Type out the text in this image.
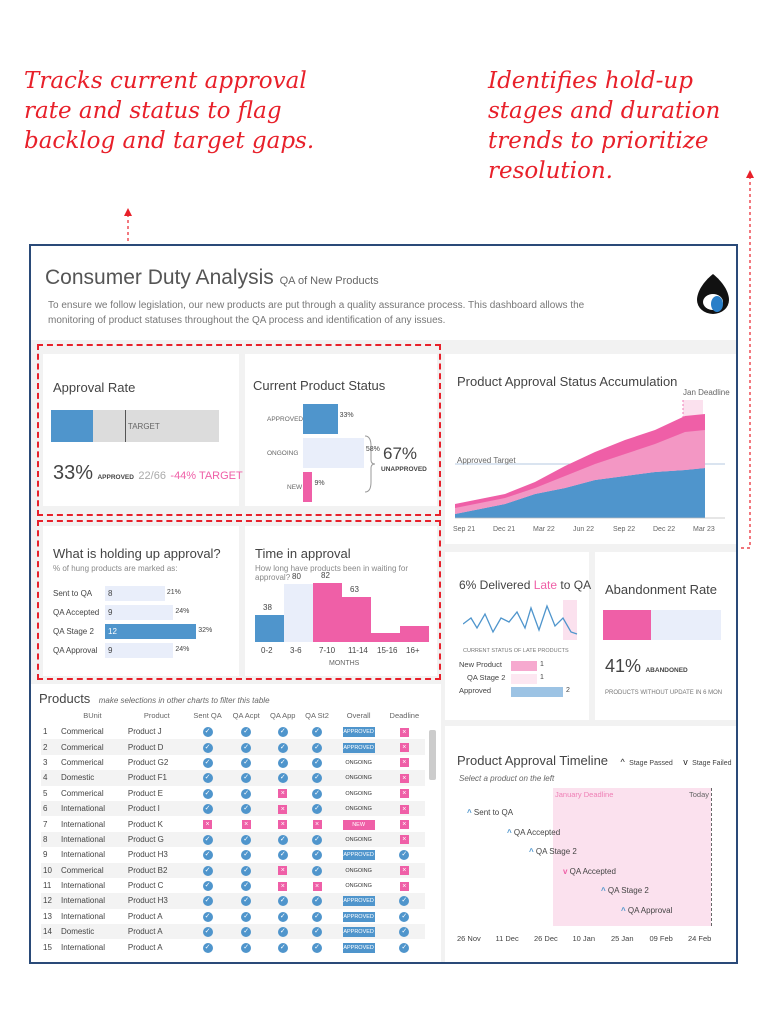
Tracks current approval rate and status to flag backlog and target gaps.
Identifies hold-up stages and duration trends to prioritize resolution.
Consumer Duty Analysis QA of New Products
To ensure we follow legislation, our new products are put through a quality assurance process. This dashboard allows the monitoring of product statuses throughout the QA process and identification of any issues.
Approval Rate
TARGET
33% APPROVED 22/66 -44% TARGET
Current Product Status
67%
UNAPPROVED
APPROVED
33%
ONGOING
58%
NEW
9%
Product Approval Status Accumulation
Jan Deadline
Approved Target
Sep 21	Dec 21	Mar 22	Jun 22	Sep 22	Dec 22	Mar 23
What is holding up approval?
% of hung products are marked as:
Sent to QA 8	21%
QA Accepted 9	24%
QA Stage 2 12	32%
QA Approval 9	24%
Time in approval
How long have products been in waiting for approval?
MONTHS
38
0-2
80
3-6
82
7-10
63
11-14 15-16 16+
6% Delivered Late to QA
CURRENT STATUS OF LATE PRODUCTS
New Product	1
QA Stage 2	1
Approved	2
Abandonment Rate
41% ABANDONED
PRODUCTS WITHOUT UPDATE IN 6 MON
Products make selections in other charts to filter this table
	BUnit	Product	Sent QA	QA Acpt	QA App	QA St2	Overall	Deadline
1	Commerical	Product J	✓	✓	✓	✓	APPROVED	×
2	Commerical	Product D	✓	✓	✓	✓	APPROVED	×
3	Commerical	Product G2	✓	✓	✓	✓	ONGOING	×
4	Domestic	Product F1	✓	✓	✓	✓	ONGOING	×
5	Commerical	Product E	✓	✓	×	✓	ONGOING	×
6	International	Product I	✓	✓	×	✓	ONGOING	×
7	International	Product K	×	×	×	×	NEW	×
8	International	Product G	✓	✓	✓	✓	ONGOING	×
9	International	Product H3	✓	✓	✓	✓	APPROVED	✓
10	Commerical	Product B2	✓	✓	×	✓	ONGOING	×
11	International	Product C	✓	✓	×	×	ONGOING	×
12	International	Product H3	✓	✓	✓	✓	APPROVED	✓
13	International	Product A	✓	✓	✓	✓	APPROVED	✓
14	Domestic	Product A	✓	✓	✓	✓	APPROVED	✓
15	International	Product A	✓	✓	✓	✓	APPROVED	✓
Product Approval Timeline ^ Stage Passed v Stage Failed
Select a product on the left
January Deadline	Today
^ Sent to QA
^ QA Accepted
^ QA Stage 2
v QA Accepted
^ QA Stage 2
^ QA Approval
26 Nov 11 Dec 26 Dec 10 Jan 25 Jan 09 Feb 24 Feb
